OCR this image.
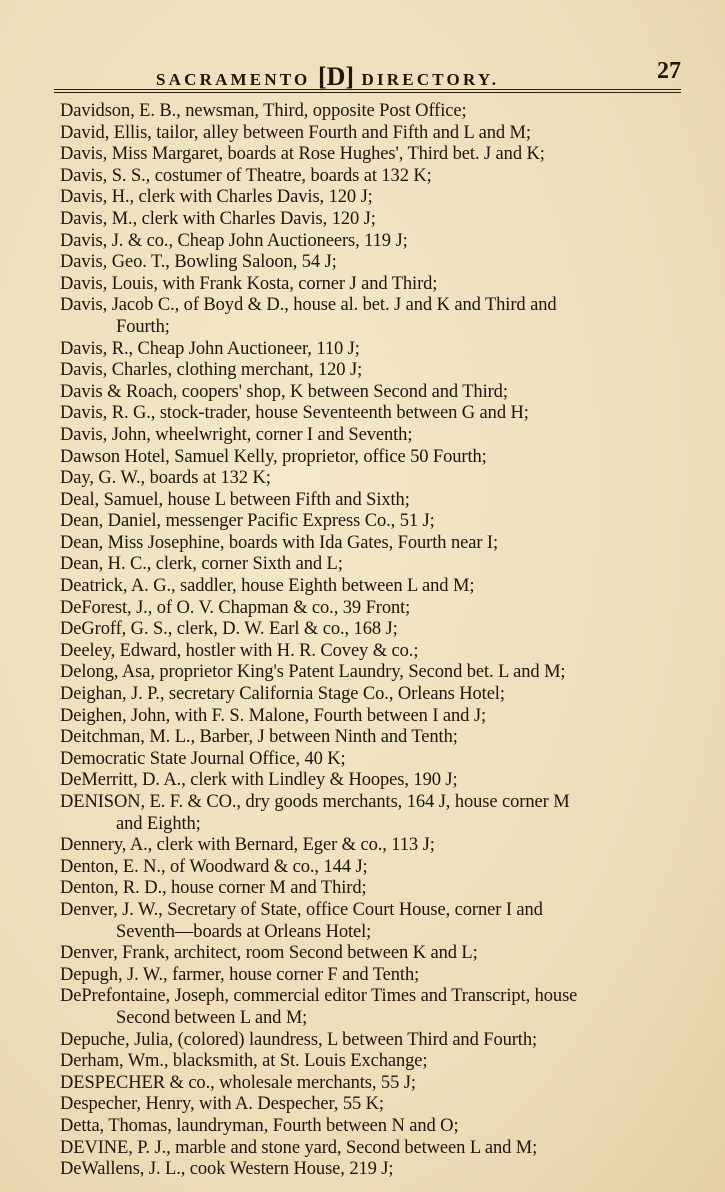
SACRAMENTO [D] DIRECTORY.	27
Davidson, E. B., newsman, Third, opposite Post Office;
David, Ellis, tailor, alley between Fourth and Fifth and L and M;
Davis, Miss Margaret, boards at Rose Hughes', Third bet. J and K;
Davis, S. S., costumer of Theatre, boards at 132 K;
Davis, H., clerk with Charles Davis, 120 J;
Davis, M., clerk with Charles Davis, 120 J;
Davis, J. & co., Cheap John Auctioneers, 119 J;
Davis, Geo. T., Bowling Saloon, 54 J;
Davis, Louis, with Frank Kosta, corner J and Third;
Davis, Jacob C., of Boyd & D., house al. bet. J and K and Third and
Fourth;
Davis, R., Cheap John Auctioneer, 110 J;
Davis, Charles, clothing merchant, 120 J;
Davis & Roach, coopers' shop, K between Second and Third;
Davis, R. G., stock-trader, house Seventeenth between G and H;
Davis, John, wheelwright, corner I and Seventh;
Dawson Hotel, Samuel Kelly, proprietor, office 50 Fourth;
Day, G. W., boards at 132 K;
Deal, Samuel, house L between Fifth and Sixth;
Dean, Daniel, messenger Pacific Express Co., 51 J;
Dean, Miss Josephine, boards with Ida Gates, Fourth near I;
Dean, H. C., clerk, corner Sixth and L;
Deatrick, A. G., saddler, house Eighth between L and M;
DeForest, J., of O. V. Chapman & co., 39 Front;
DeGroff, G. S., clerk, D. W. Earl & co., 168 J;
Deeley, Edward, hostler with H. R. Covey & co.;
Delong, Asa, proprietor King's Patent Laundry, Second bet. L and M;
Deighan, J. P., secretary California Stage Co., Orleans Hotel;
Deighen, John, with F. S. Malone, Fourth between I and J;
Deitchman, M. L., Barber, J between Ninth and Tenth;
Democratic State Journal Office, 40 K;
DeMerritt, D. A., clerk with Lindley & Hoopes, 190 J;
DENISON, E. F. & CO., dry goods merchants, 164 J, house corner M
and Eighth;
Dennery, A., clerk with Bernard, Eger & co., 113 J;
Denton, E. N., of Woodward & co., 144 J;
Denton, R. D., house corner M and Third;
Denver, J. W., Secretary of State, office Court House, corner I and
Seventh—boards at Orleans Hotel;
Denver, Frank, architect, room Second between K and L;
Depugh, J. W., farmer, house corner F and Tenth;
DePrefontaine, Joseph, commercial editor Times and Transcript, house
Second between L and M;
Depuche, Julia, (colored) laundress, L between Third and Fourth;
Derham, Wm., blacksmith, at St. Louis Exchange;
DESPECHER & co., wholesale merchants, 55 J;
Despecher, Henry, with A. Despecher, 55 K;
Detta, Thomas, laundryman, Fourth between N and O;
DEVINE, P. J., marble and stone yard, Second between L and M;
DeWallens, J. L., cook Western House, 219 J;
